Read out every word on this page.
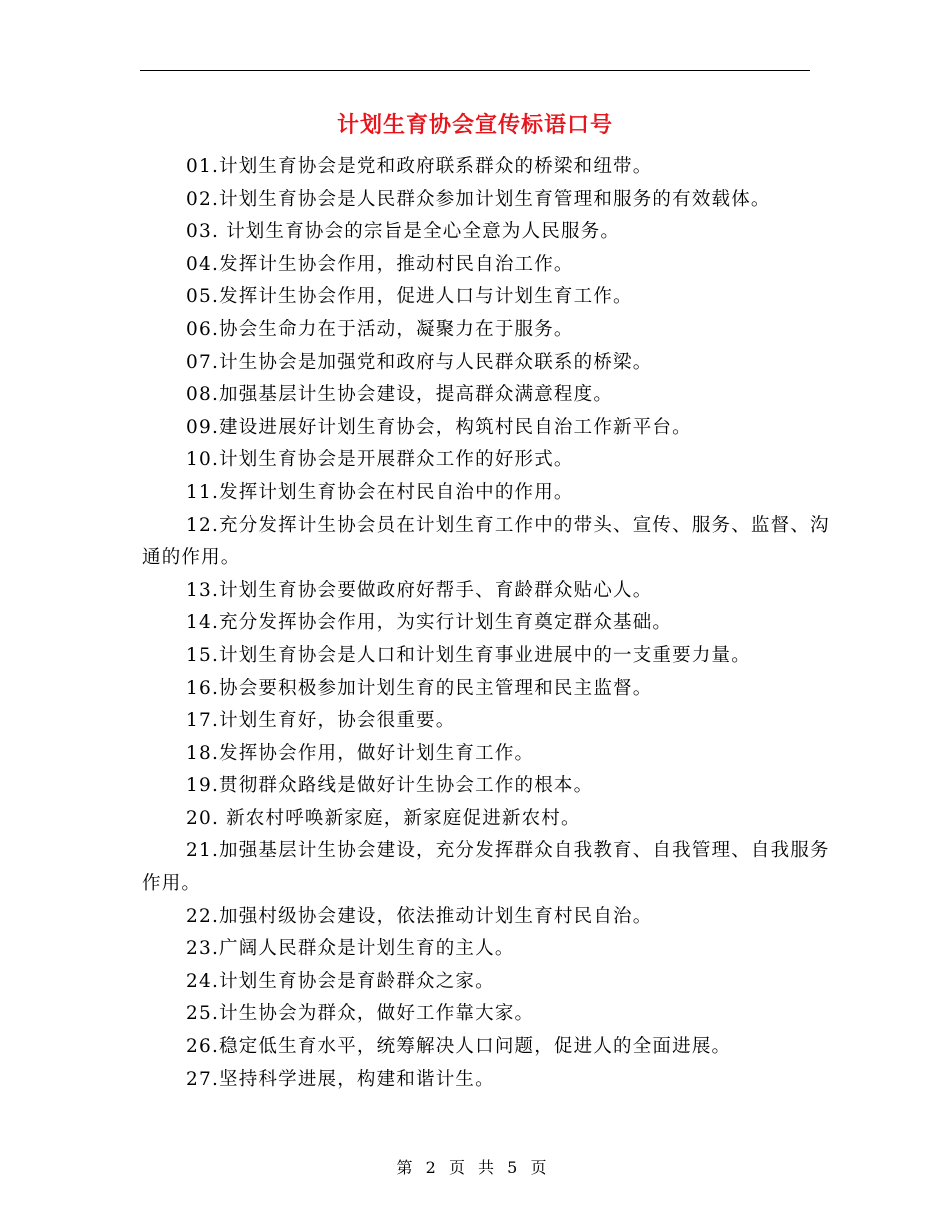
计划生育协会宣传标语口号
01.计划生育协会是党和政府联系群众的桥梁和纽带。
02.计划生育协会是人民群众参加计划生育管理和服务的有效载体。
03. 计划生育协会的宗旨是全心全意为人民服务。
04.发挥计生协会作用，推动村民自治工作。
05.发挥计生协会作用，促进人口与计划生育工作。
06.协会生命力在于活动，凝聚力在于服务。
07.计生协会是加强党和政府与人民群众联系的桥梁。
08.加强基层计生协会建设，提高群众满意程度。
09.建设进展好计划生育协会，构筑村民自治工作新平台。
10.计划生育协会是开展群众工作的好形式。
11.发挥计划生育协会在村民自治中的作用。
12.充分发挥计生协会员在计划生育工作中的带头、宣传、服务、监督、沟通的作用。
13.计划生育协会要做政府好帮手、育龄群众贴心人。
14.充分发挥协会作用，为实行计划生育奠定群众基础。
15.计划生育协会是人口和计划生育事业进展中的一支重要力量。
16.协会要积极参加计划生育的民主管理和民主监督。
17.计划生育好，协会很重要。
18.发挥协会作用，做好计划生育工作。
19.贯彻群众路线是做好计生协会工作的根本。
20. 新农村呼唤新家庭，新家庭促进新农村。
21.加强基层计生协会建设，充分发挥群众自我教育、自我管理、自我服务作用。
22.加强村级协会建设，依法推动计划生育村民自治。
23.广阔人民群众是计划生育的主人。
24.计划生育协会是育龄群众之家。
25.计生协会为群众，做好工作靠大家。
26.稳定低生育水平，统筹解决人口问题，促进人的全面进展。
27.坚持科学进展，构建和谐计生。
第 2 页 共 5 页
